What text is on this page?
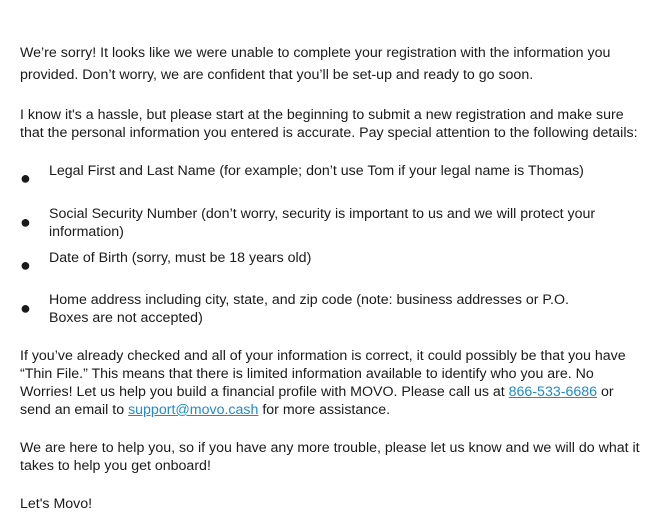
We’re sorry! It looks like we were unable to complete your registration with the information you provided. Don’t worry, we are confident that you’ll be set-up and ready to go soon.

I know it's a hassle, but please start at the beginning to submit a new registration and make sure that the personal information you entered is accurate. Pay special attention to the following details:

● Legal First and Last Name (for example; don’t use Tom if your legal name is Thomas)
● Social Security Number (don’t worry, security is important to us and we will protect your information)
● Date of Birth (sorry, must be 18 years old)
● Home address including city, state, and zip code (note: business addresses or P.O. Boxes are not accepted)

If you’ve already checked and all of your information is correct, it could possibly be that you have “Thin File.” This means that there is limited information available to identify who you are. No Worries! Let us help you build a financial profile with MOVO. Please call us at 866-533-6686 or send an email to support@movo.cash for more assistance.

We are here to help you, so if you have any more trouble, please let us know and we will do what it takes to help you get onboard!

Let's Movo!
